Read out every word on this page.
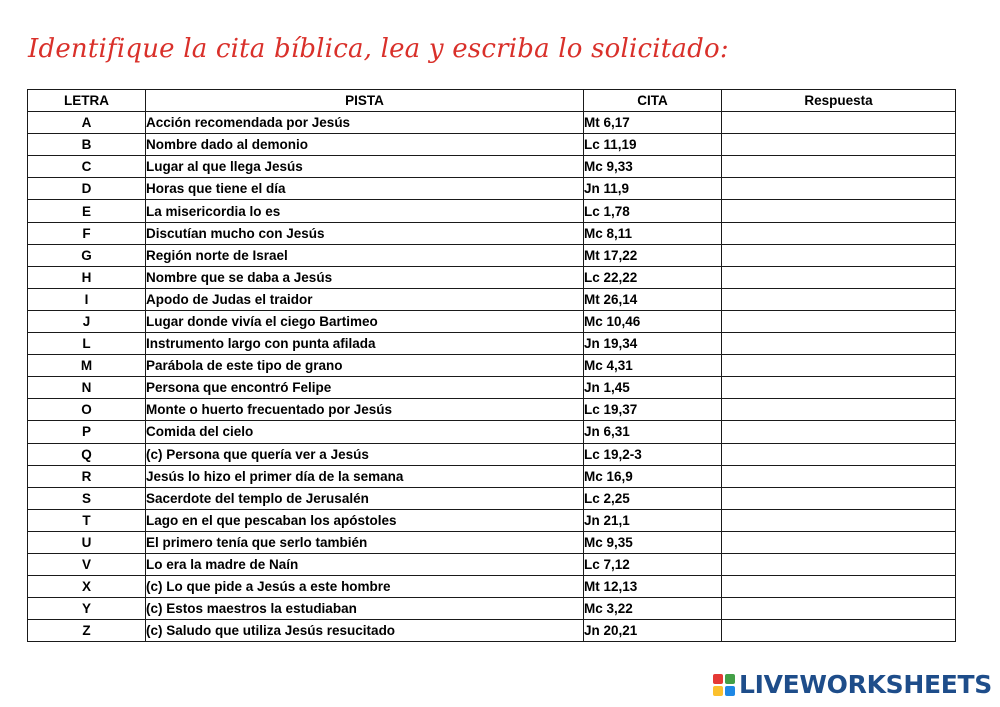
Identifique la cita bíblica, lea y escriba lo solicitado:
LETRA	PISTA	CITA	Respuesta
A	Acción recomendada por Jesús	Mt 6,17	
B	Nombre dado al demonio	Lc 11,19	
C	Lugar al que llega Jesús	Mc 9,33	
D	Horas que tiene el día	Jn 11,9	
E	La misericordia lo es	Lc 1,78	
F	Discutían mucho con Jesús	Mc 8,11	
G	Región norte de Israel	Mt 17,22	
H	Nombre que se daba a Jesús	Lc 22,22	
I	Apodo de Judas el traidor	Mt 26,14	
J	Lugar donde vivía el ciego Bartimeo	Mc 10,46	
L	Instrumento largo con punta afilada	Jn 19,34	
M	Parábola de este tipo de grano	Mc 4,31	
N	Persona que encontró Felipe	Jn 1,45	
O	Monte o huerto frecuentado por Jesús	Lc 19,37	
P	Comida del cielo	Jn 6,31	
Q	(c) Persona que quería ver a Jesús	Lc 19,2-3	
R	Jesús lo hizo el primer día de la semana	Mc 16,9	
S	Sacerdote del templo de Jerusalén	Lc 2,25	
T	Lago en el que pescaban los apóstoles	Jn 21,1	
U	El primero tenía que serlo también	Mc 9,35	
V	Lo era la madre de Naín	Lc 7,12	
X	(c) Lo que pide a Jesús a este hombre	Mt 12,13	
Y	(c) Estos maestros la estudiaban	Mc 3,22	
Z	(c) Saludo que utiliza Jesús resucitado	Jn 20,21	
LIVEWORKSHEETS
